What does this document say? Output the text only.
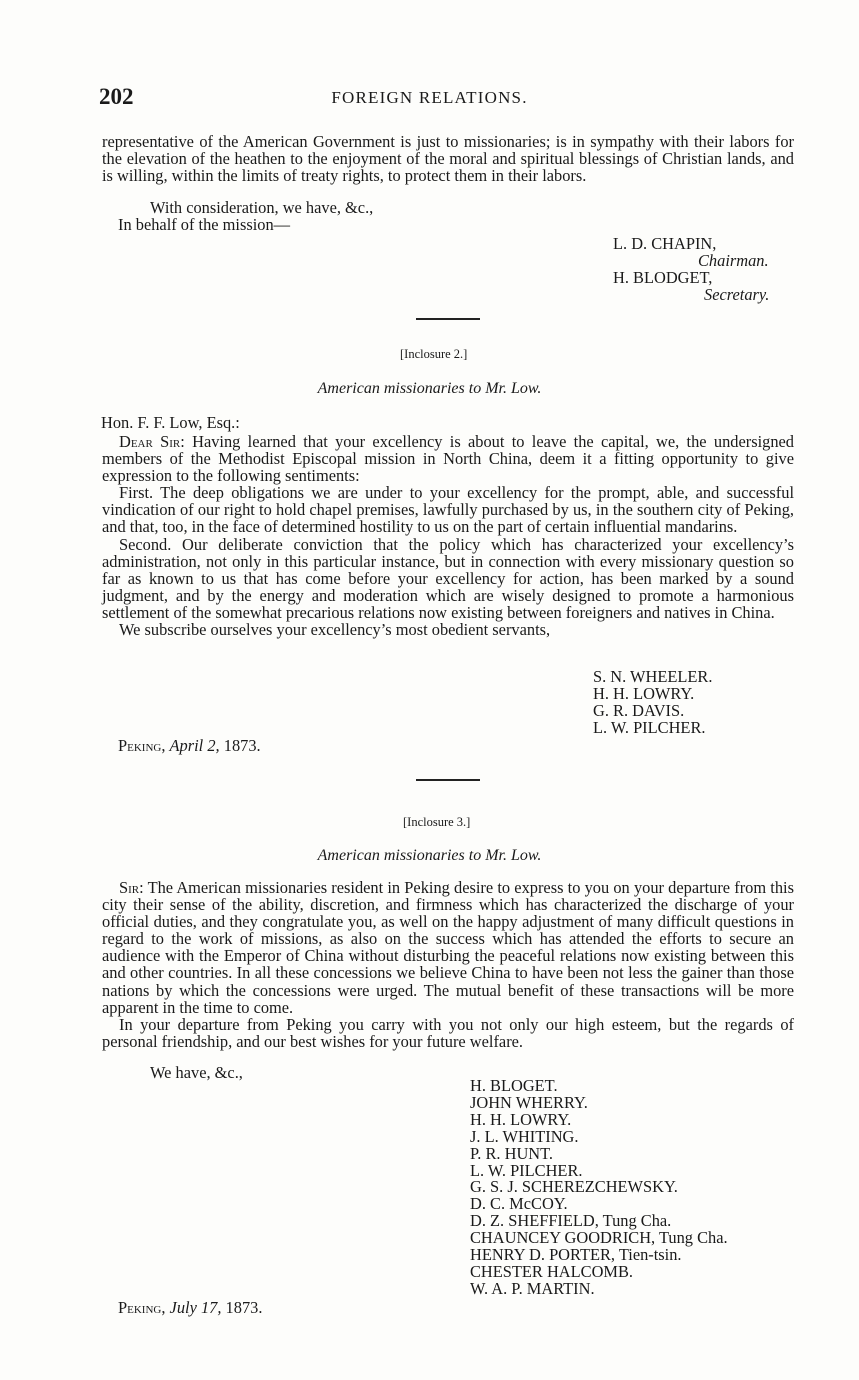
202	FOREIGN RELATIONS.

representative of the American Government is just to missionaries; is in sympathy with their labors for the elevation of the heathen to the enjoyment of the moral and spiritual blessings of Christian lands, and is willing, within the limits of treaty rights, to protect them in their labors.

With consideration, we have, &c.,
In behalf of the mission—
L. D. CHAPIN,
Chairman.
H. BLODGET,
Secretary.
[Inclosure 2.]
American missionaries to Mr. Low.
Hon. F. F. Low, Esq.:

Dear Sir: Having learned that your excellency is about to leave the capital, we, the undersigned members of the Methodist Episcopal mission in North China, deem it a fitting opportunity to give expression to the following sentiments:

First. The deep obligations we are under to your excellency for the prompt, able, and successful vindication of our right to hold chapel premises, lawfully purchased by us, in the southern city of Peking, and that, too, in the face of determined hostility to us on the part of certain influential mandarins.

Second. Our deliberate conviction that the policy which has characterized your excellency’s administration, not only in this particular instance, but in connection with every missionary question so far as known to us that has come before your excellency for action, has been marked by a sound judgment, and by the energy and moderation which are wisely designed to promote a harmonious settlement of the somewhat precarious relations now existing between foreigners and natives in China.

We subscribe ourselves your excellency’s most obedient servants,

S. N. WHEELER.
H. H. LOWRY.
G. R. DAVIS.
L. W. PILCHER.
Peking, April 2, 1873.
[Inclosure 3.]
American missionaries to Mr. Low.

Sir: The American missionaries resident in Peking desire to express to you on your departure from this city their sense of the ability, discretion, and firmness which has characterized the discharge of your official duties, and they congratulate you, as well on the happy adjustment of many difficult questions in regard to the work of missions, as also on the success which has attended the efforts to secure an audience with the Emperor of China without disturbing the peaceful relations now existing between this and other countries. In all these concessions we believe China to have been not less the gainer than those nations by which the concessions were urged. The mutual benefit of these transactions will be more apparent in the time to come.

In your departure from Peking you carry with you not only our high esteem, but the regards of personal friendship, and our best wishes for your future welfare.

We have, &c.,
H. BLOGET.
JOHN WHERRY.
H. H. LOWRY.
J. L. WHITING.
P. R. HUNT.
L. W. PILCHER.
G. S. J. SCHEREZCHEWSKY.
D. C. McCOY.
D. Z. SHEFFIELD, Tung Cha.
CHAUNCEY GOODRICH, Tung Cha.
HENRY D. PORTER, Tien-tsin.
CHESTER HALCOMB.
W. A. P. MARTIN.
Peking, July 17, 1873.
